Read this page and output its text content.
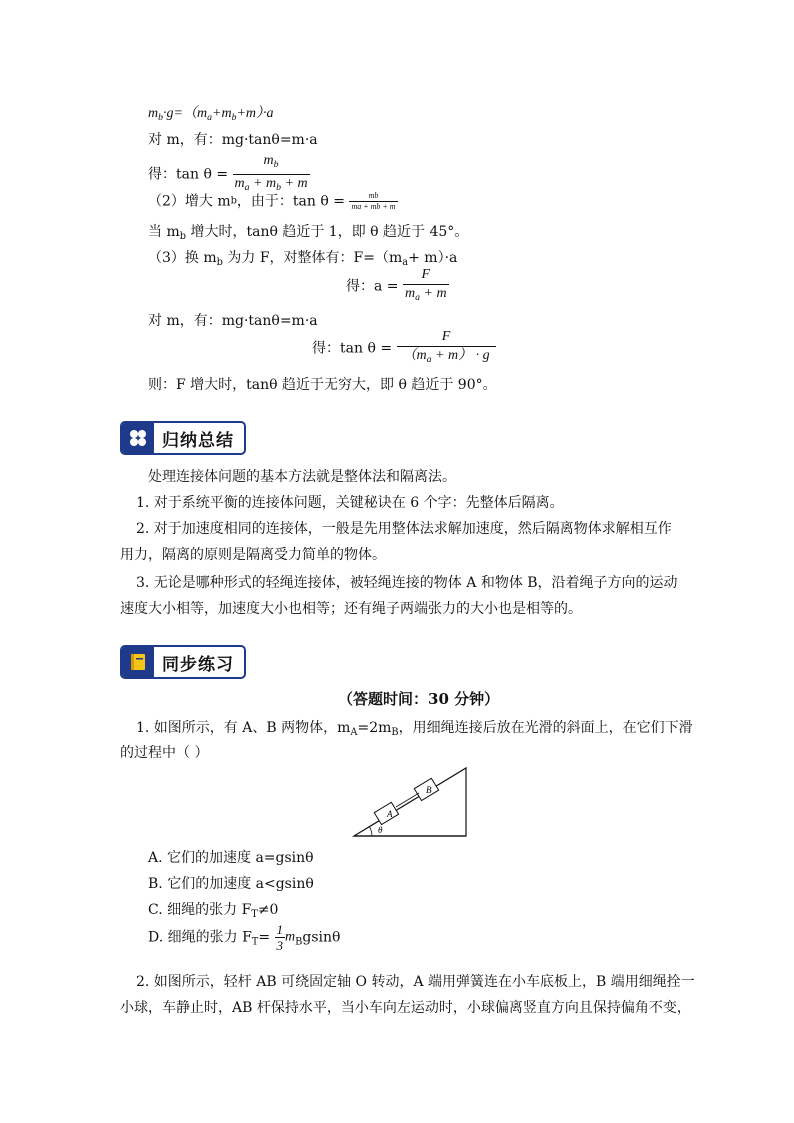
$m_b\cdot g=(m_a+m_b+m)\cdot a$
对 m，有：mg·tanθ=m·a
得：$\tan \theta = \frac{m_b}{m_a + m_b + m}$
（2）增大 mb，由于：$\tan \theta = \frac{mb}{ma + mb + m}$
当 $m_b$ 增大时，tanθ 趋近于 1，即 θ 趋近于 45°。
（3）换 $m_b$ 为力 F，对整体有：$F=(m_a+ m)\cdot a$
得：$a = \frac{F}{m_a + m}$
对 m，有：mg·tanθ=m·a
得：$\tan \theta = \frac{F}{(m_a + m) \cdot g}$
则：F 增大时，tanθ 趋近于无穷大，即 θ 趋近于 90°。
归纳总结
处理连接体问题的基本方法就是整体法和隔离法。
1. 对于系统平衡的连接体问题，关键秘诀在 6 个字：先整体后隔离。
2. 对于加速度相同的连接体，一般是先用整体法求解加速度，然后隔离物体求解相互作
用力，隔离的原则是隔离受力简单的物体。
3. 无论是哪种形式的轻绳连接体，被轻绳连接的物体 A 和物体 B，沿着绳子方向的运动
速度大小相等，加速度大小也相等；还有绳子两端张力的大小也是相等的。
同步练习
（答题时间：30 分钟）
1. 如图所示，有 A、B 两物体，$m_A=2m_B$，用细绳连接后放在光滑的斜面上，在它们下滑
的过程中（ ）
A
B
θ
A. 它们的加速度 a=gsinθ
B. 它们的加速度 a<gsinθ
C. 细绳的张力 $F_T\ne 0$
D. 细绳的张力 $F_T= \frac{1}{3} m_Bgsin\theta$
2. 如图所示，轻杆 AB 可绕固定轴 O 转动，A 端用弹簧连在小车底板上，B 端用细绳拴一
小球，车静止时，AB 杆保持水平，当小车向左运动时，小球偏离竖直方向且保持偏角不变，
